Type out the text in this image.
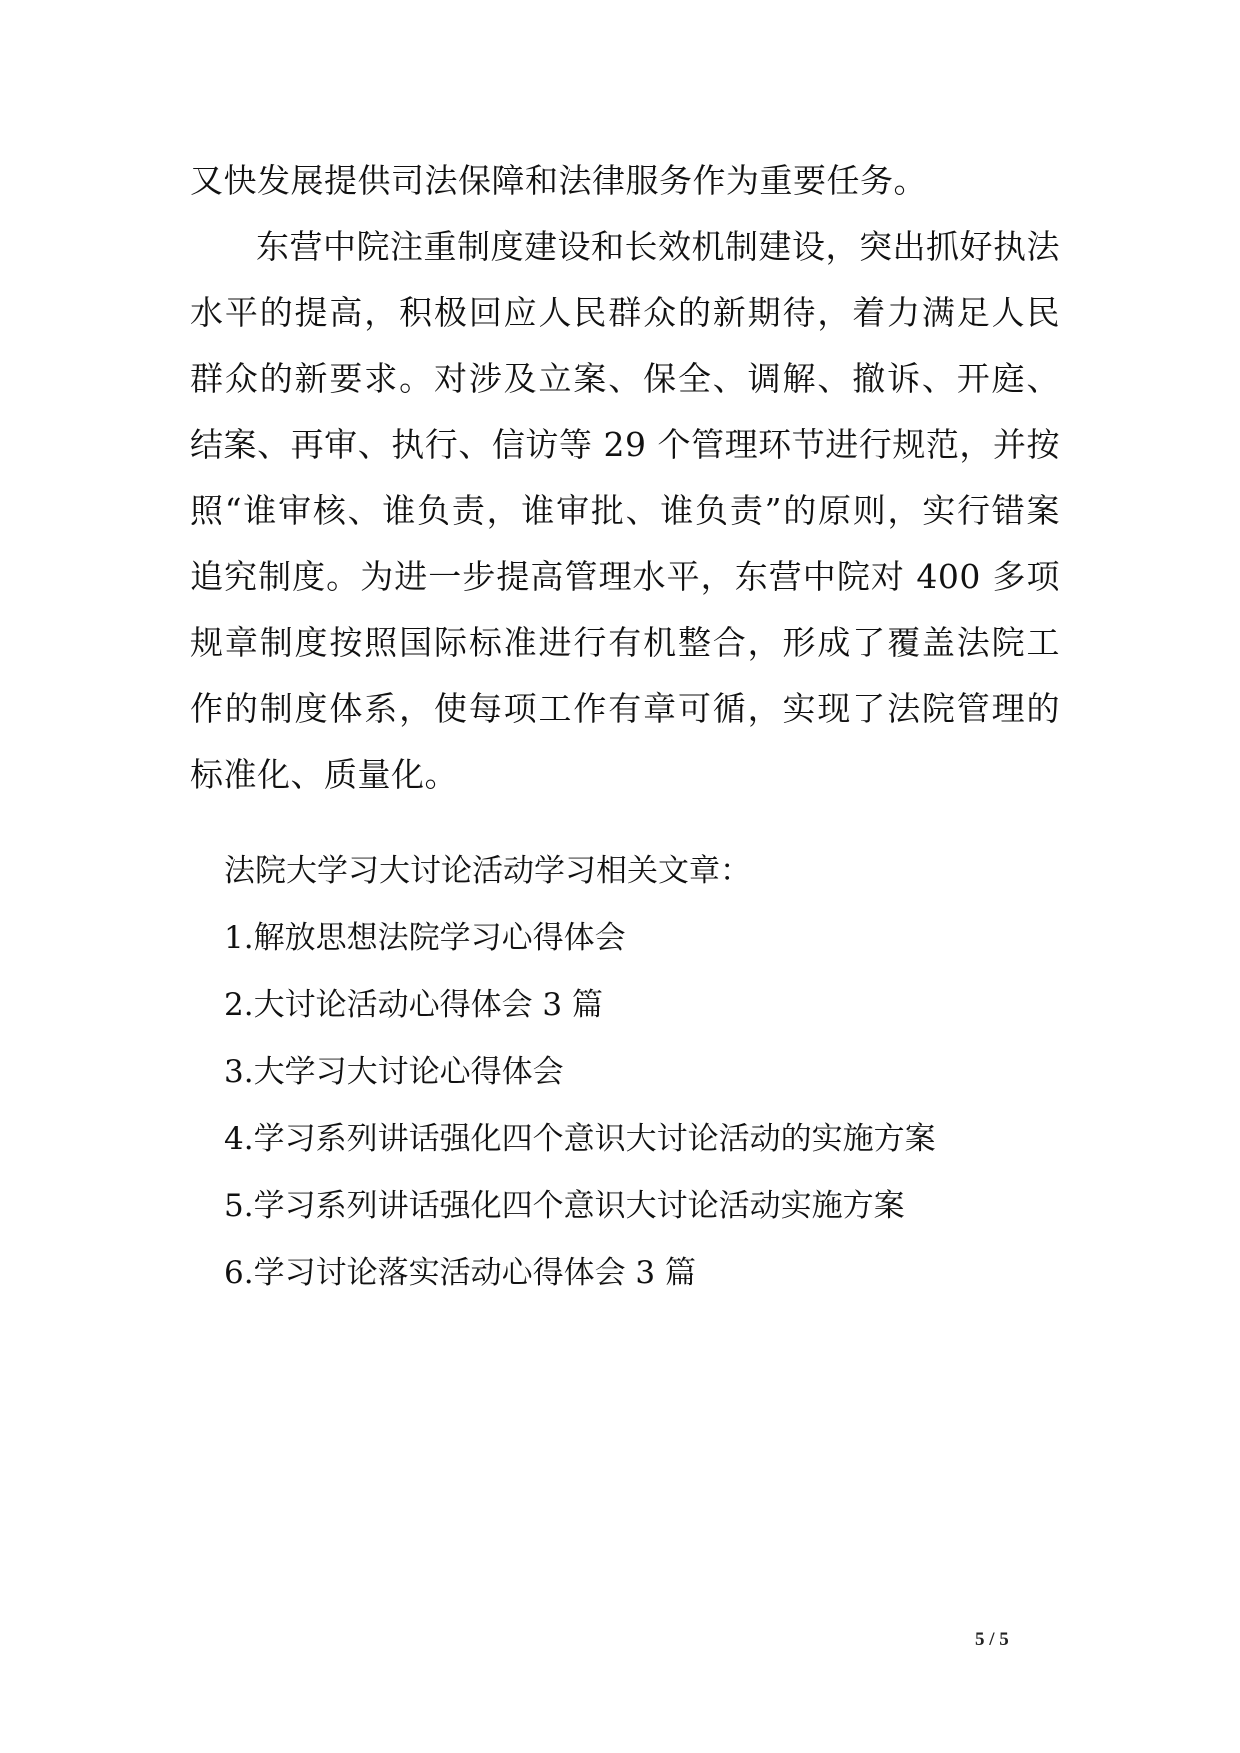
又快发展提供司法保障和法律服务作为重要任务。

东营中院注重制度建设和长效机制建设，突出抓好执法水平的提高，积极回应人民群众的新期待，着力满足人民群众的新要求。对涉及立案、保全、调解、撤诉、开庭、结案、再审、执行、信访等 29 个管理环节进行规范，并按照“谁审核、谁负责，谁审批、谁负责”的原则，实行错案追究制度。为进一步提高管理水平，东营中院对 400 多项规章制度按照国际标准进行有机整合，形成了覆盖法院工作的制度体系，使每项工作有章可循，实现了法院管理的标准化、质量化。

法院大学习大讨论活动学习相关文章：

1.解放思想法院学习心得体会
2.大讨论活动心得体会 3 篇
3.大学习大讨论心得体会
4.学习系列讲话强化四个意识大讨论活动的实施方案
5.学习系列讲话强化四个意识大讨论活动实施方案
6.学习讨论落实活动心得体会 3 篇
5 / 5
